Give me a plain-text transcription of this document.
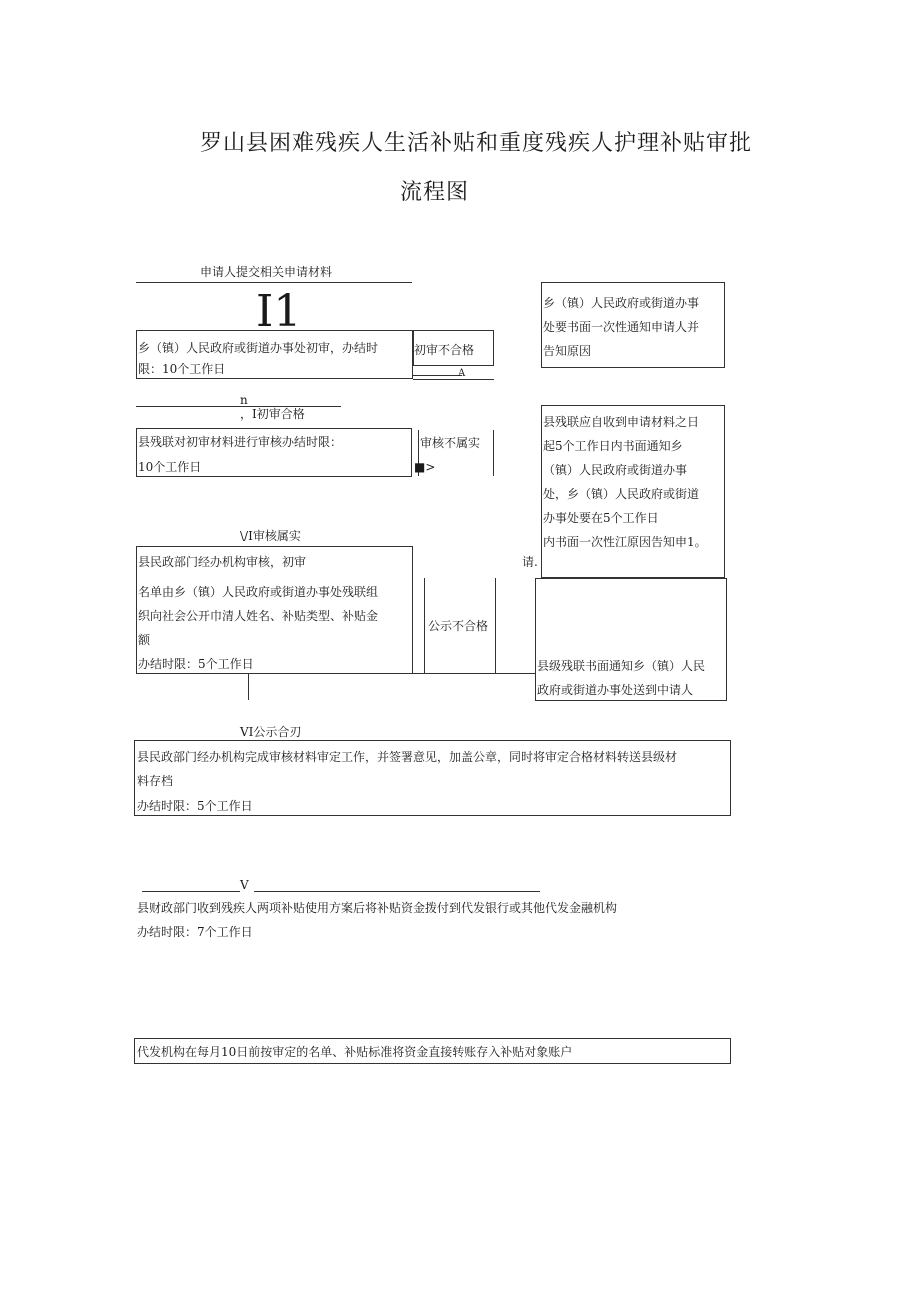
罗山县困难残疾人生活补贴和重度残疾人护理补贴审批
流程图
申请人提交相关申请材料
I1
乡（镇）人民政府或街道办事处初审，办结时
限：10个工作日
初审不合格
A
乡（镇）人民政府或街道办事
处要书面一次性通知申请人并
告知原因
n
，I初审合格
县残联对初审材料进行审核办结时限：
10个工作日
审核不属实
■>
县残联应自收到申请材料之日
起5个工作日内书面通知乡
（镇）人民政府或街道办事
处，乡（镇）人民政府或街道
办事处要在5个工作日
内书面一次性江原因告知申1。
\/I审核属实
县民政部门经办机构审核，初审
名单由乡（镇）人民政府或街道办事处残联组
织向社会公开巾清人姓名、补贴类型、补贴金
额
办结时限：5个工作日
公示不合格
请.
县级残联书面通知乡（镇）人民
政府或街道办事处送到中请人
VI公示合刃
县民政部门经办机构完成审核材料审定工作，并签署意见，加盖公章，同时将审定合格材料转送县级材
料存档
办结时限：5个工作日
V
县财政部门收到残疾人两项补贴使用方案后将补贴资金拨付到代发银行或其他代发金融机构
办结时限：7个工作日
代发机构在每月10日前按审定的名单、补贴标准将资金直接转账存入补贴对象账户
